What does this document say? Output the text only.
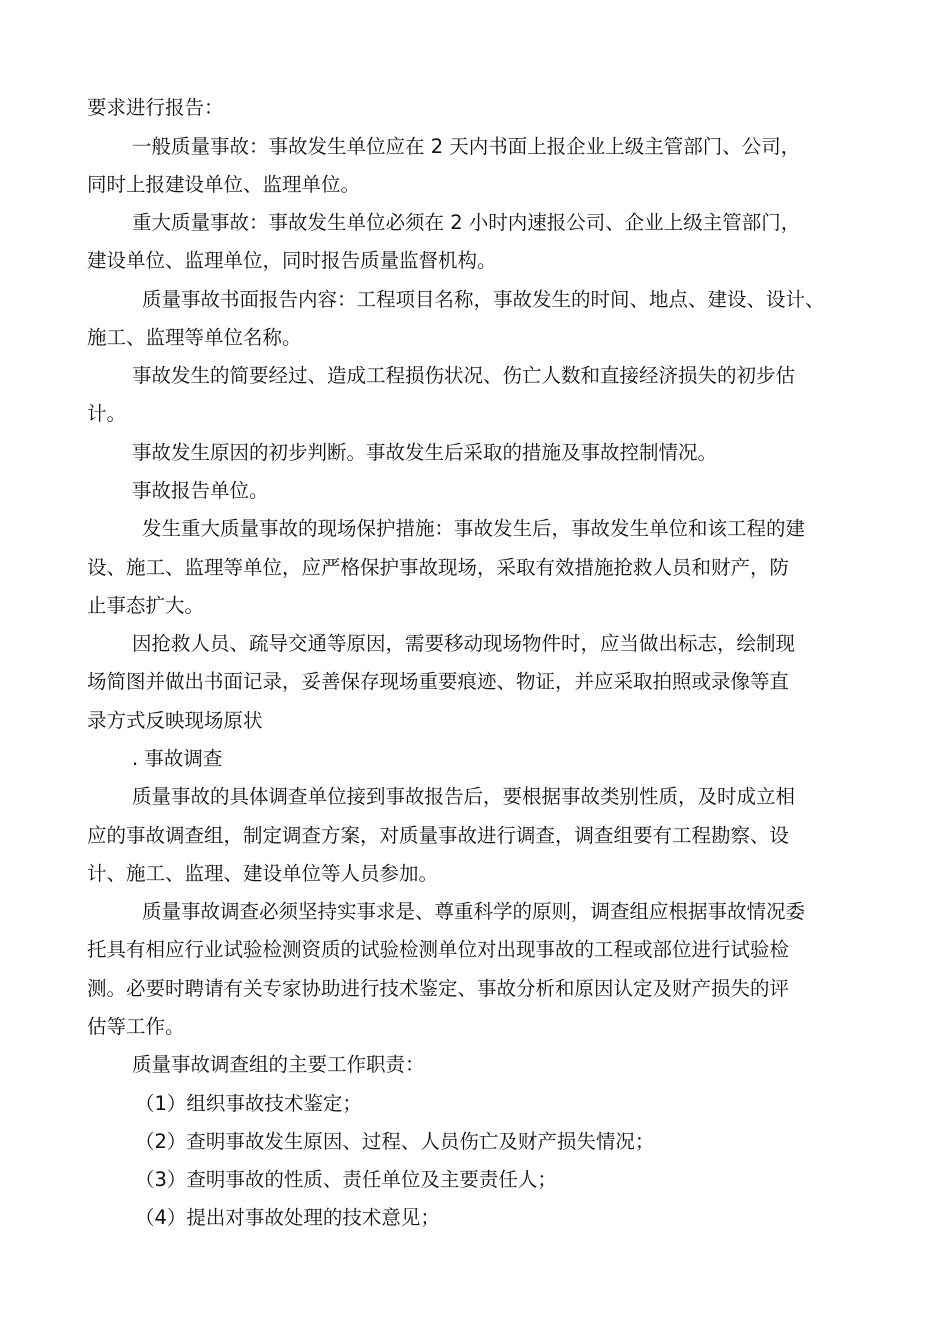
要求进行报告：
一般质量事故：事故发生单位应在 2 天内书面上报企业上级主管部门、公司，
同时上报建设单位、监理单位。
重大质量事故：事故发生单位必须在 2 小时内速报公司、企业上级主管部门，
建设单位、监理单位，同时报告质量监督机构。
质量事故书面报告内容：工程项目名称，事故发生的时间、地点、建设、设计、
施工、监理等单位名称。
事故发生的简要经过、造成工程损伤状况、伤亡人数和直接经济损失的初步估
计。
事故发生原因的初步判断。事故发生后采取的措施及事故控制情况。
事故报告单位。
发生重大质量事故的现场保护措施：事故发生后，事故发生单位和该工程的建
设、施工、监理等单位，应严格保护事故现场，采取有效措施抢救人员和财产，防
止事态扩大。
因抢救人员、疏导交通等原因，需要移动现场物件时，应当做出标志，绘制现
场简图并做出书面记录，妥善保存现场重要痕迹、物证，并应采取拍照或录像等直
录方式反映现场原状
. 事故调查
质量事故的具体调查单位接到事故报告后，要根据事故类别性质，及时成立相
应的事故调查组，制定调查方案，对质量事故进行调查，调查组要有工程勘察、设
计、施工、监理、建设单位等人员参加。
质量事故调查必须坚持实事求是、尊重科学的原则，调查组应根据事故情况委
托具有相应行业试验检测资质的试验检测单位对出现事故的工程或部位进行试验检
测。必要时聘请有关专家协助进行技术鉴定、事故分析和原因认定及财产损失的评
估等工作。
质量事故调查组的主要工作职责：
（1）组织事故技术鉴定；
（2）查明事故发生原因、过程、人员伤亡及财产损失情况；
（3）查明事故的性质、责任单位及主要责任人；
（4）提出对事故处理的技术意见；
